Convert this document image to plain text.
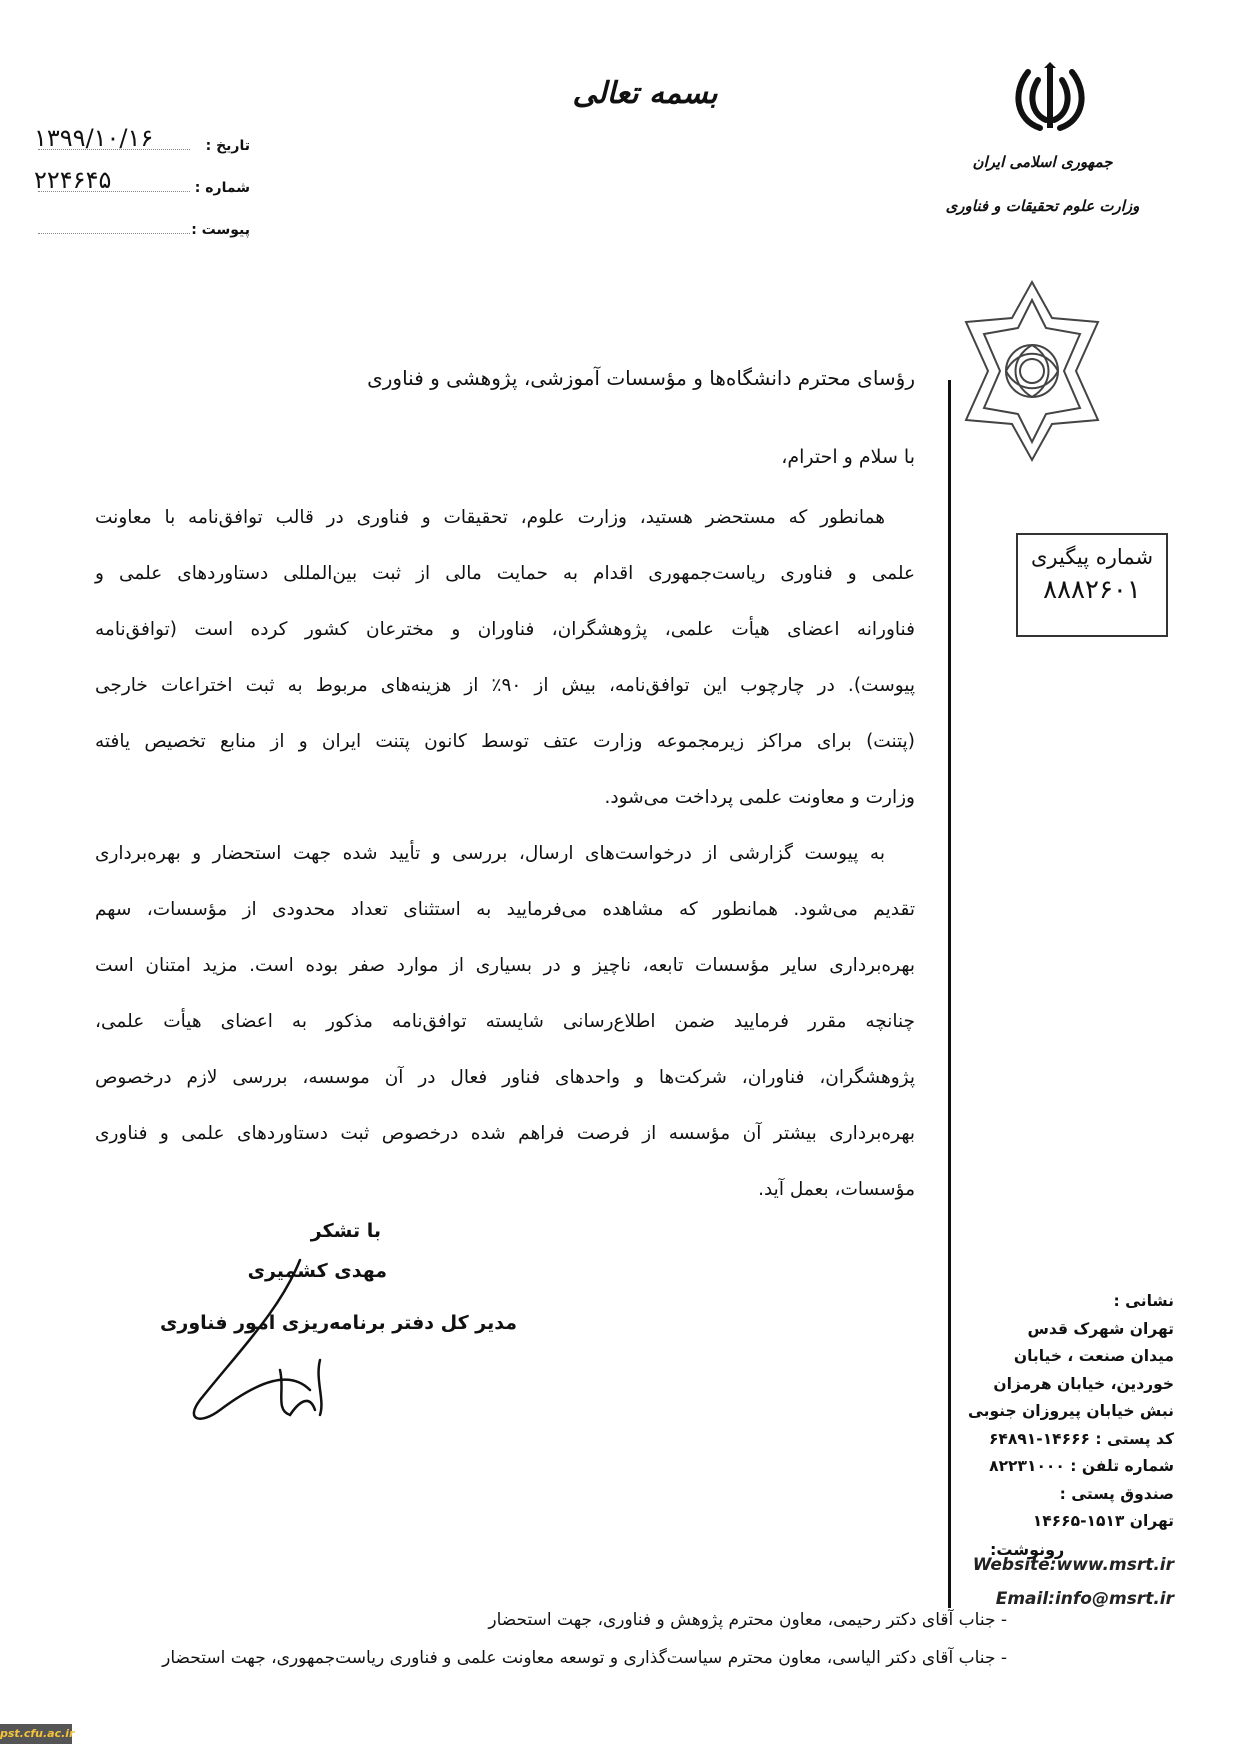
بسمه تعالی
جمهوری اسلامی ایران
وزارت علوم تحقیقات و فناوری
تاریخ :
۱۳۹۹/۱۰/۱۶
شماره :
۲۲۴۶۴۵
پیوست :
شماره پیگیری
۸۸۸۲۶۰۱
رؤسای محترم دانشگاه‌ها و مؤسسات آموزشی، پژوهشی و فناوری
با سلام و احترام،
همانطور که مستحضر هستید، وزارت علوم، تحقیقات و فناوری در قالب توافق‌نامه با معاونت
علمی و فناوری ریاست‌جمهوری اقدام به حمایت مالی از ثبت بین‌المللی دستاوردهای علمی و
فناورانه اعضای هیأت علمی، پژوهشگران، فناوران و مخترعان کشور کرده است (توافق‌نامه
پیوست). در چارچوب این توافق‌نامه، بیش از ۹۰٪ از هزینه‌های مربوط به ثبت اختراعات خارجی
(پتنت) برای مراکز زیرمجموعه وزارت عتف توسط کانون پتنت ایران و از منابع تخصیص یافته
وزارت و معاونت علمی پرداخت می‌شود.
به پیوست گزارشی از درخواست‌های ارسال، بررسی و تأیید شده جهت استحضار و بهره‌برداری
تقدیم می‌شود. همانطور که مشاهده می‌فرمایید به استثنای تعداد محدودی از مؤسسات، سهم
بهره‌برداری سایر مؤسسات تابعه، ناچیز و در بسیاری از موارد صفر بوده است. مزید امتنان است
چنانچه مقرر فرمایید ضمن اطلاع‌رسانی شایسته توافق‌نامه مذکور به اعضای هیأت علمی،
پژوهشگران، فناوران، شرکت‌ها و واحدهای فناور فعال در آن موسسه، بررسی لازم درخصوص
بهره‌برداری بیشتر آن مؤسسه از فرصت فراهم شده درخصوص ثبت دستاوردهای علمی و فناوری
مؤسسات، بعمل آید.
با تشکر
مهدی کشمیری
مدیر کل دفتر برنامه‌ریزی امور فناوری
نشانی :
تهران شهرک قدس
میدان صنعت ، خیابان
خوردین، خیابان هرمزان
نبش خیابان پیروزان جنوبی
کد پستی : ۱۴۶۶۶-۶۴۸۹۱
شماره تلفن : ۸۲۲۳۱۰۰۰
صندوق پستی :
تهران ۱۵۱۳-۱۴۶۶۵
Website:www.msrt.ir
Email:info@msrt.ir
رونوشت:
- جناب آقای دکتر رحیمی، معاون محترم پژوهش و فناوری، جهت استحضار
- جناب آقای دکتر الیاسی، معاون محترم سیاست‌گذاری و توسعه معاونت علمی و فناوری ریاست‌جمهوری، جهت استحضار
pst.cfu.ac.ir
